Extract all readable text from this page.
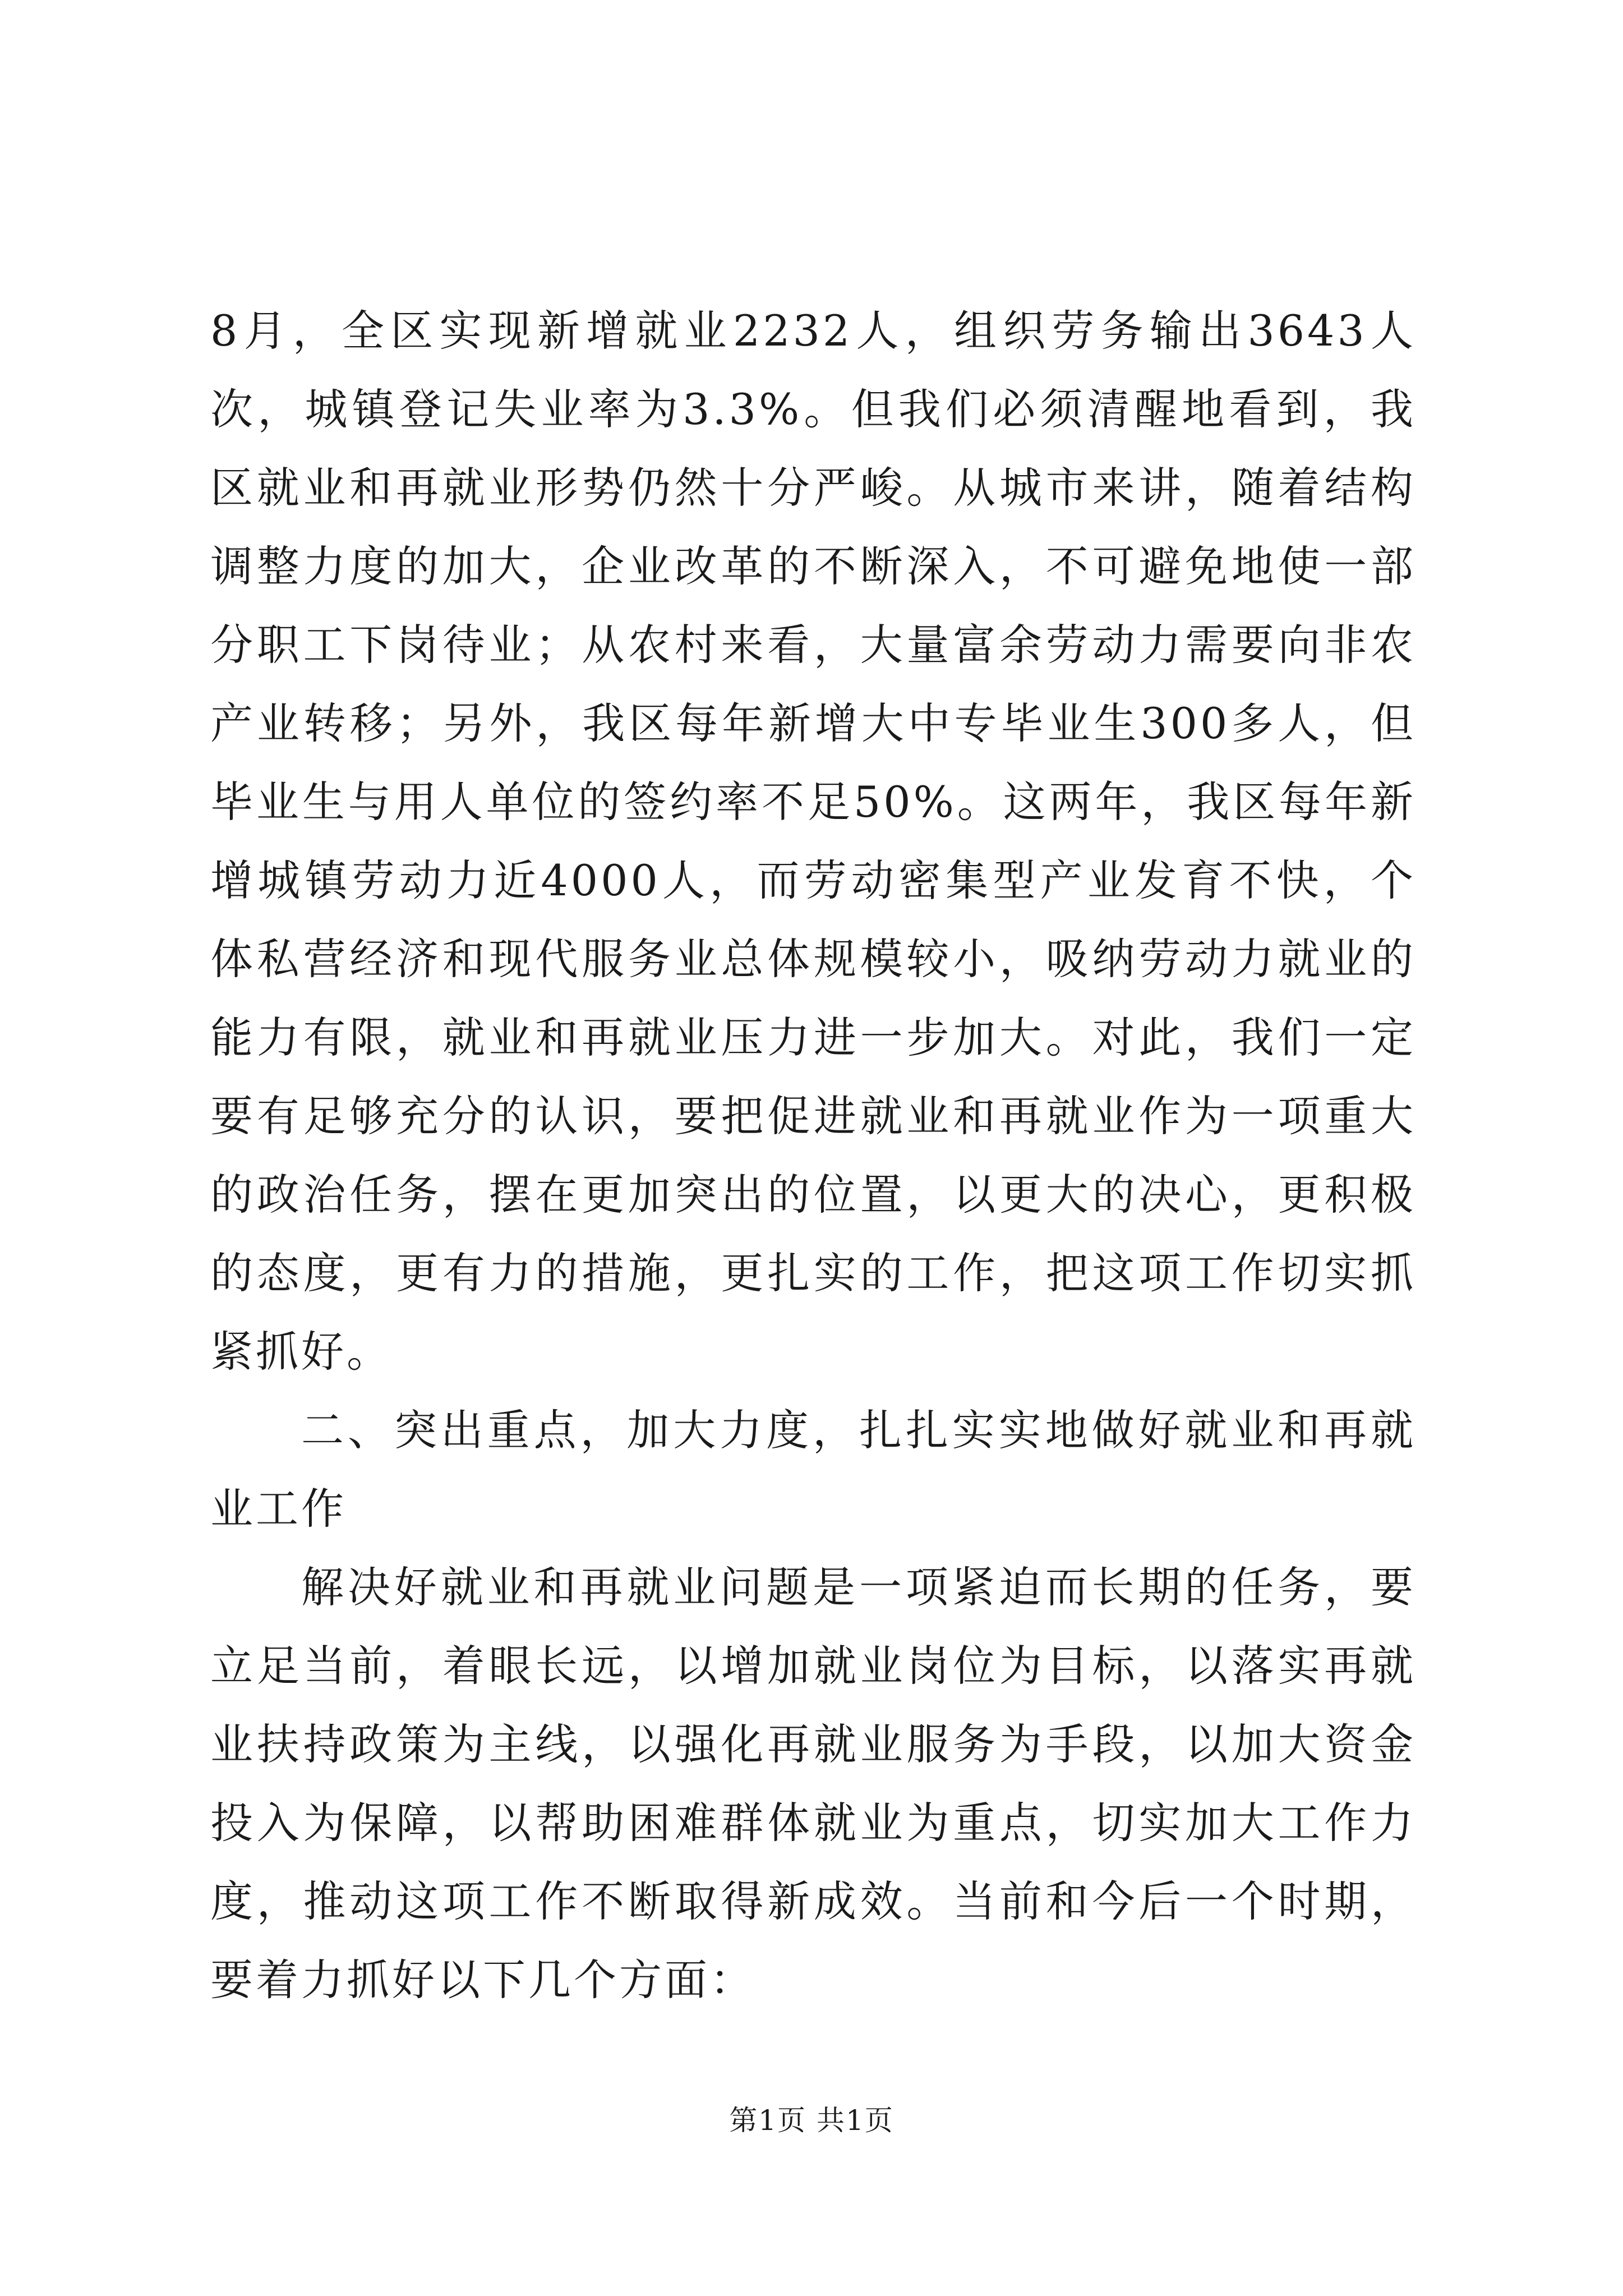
8月，全区实现新增就业2232人，组织劳务输出3643人次，城镇登记失业率为3.3%。但我们必须清醒地看到，我区就业和再就业形势仍然十分严峻。从城市来讲，随着结构调整力度的加大，企业改革的不断深入，不可避免地使一部分职工下岗待业；从农村来看，大量富余劳动力需要向非农产业转移；另外，我区每年新增大中专毕业生300多人，但毕业生与用人单位的签约率不足50%。这两年，我区每年新增城镇劳动力近4000人，而劳动密集型产业发育不快，个体私营经济和现代服务业总体规模较小，吸纳劳动力就业的能力有限，就业和再就业压力进一步加大。对此，我们一定要有足够充分的认识，要把促进就业和再就业作为一项重大的政治任务，摆在更加突出的位置，以更大的决心，更积极的态度，更有力的措施，更扎实的工作，把这项工作切实抓紧抓好。

二、突出重点，加大力度，扎扎实实地做好就业和再就业工作

解决好就业和再就业问题是一项紧迫而长期的任务，要立足当前，着眼长远，以增加就业岗位为目标，以落实再就业扶持政策为主线，以强化再就业服务为手段，以加大资金投入为保障，以帮助困难群体就业为重点，切实加大工作力度，推动这项工作不断取得新成效。当前和今后一个时期，要着力抓好以下几个方面：

第1页 共1页
